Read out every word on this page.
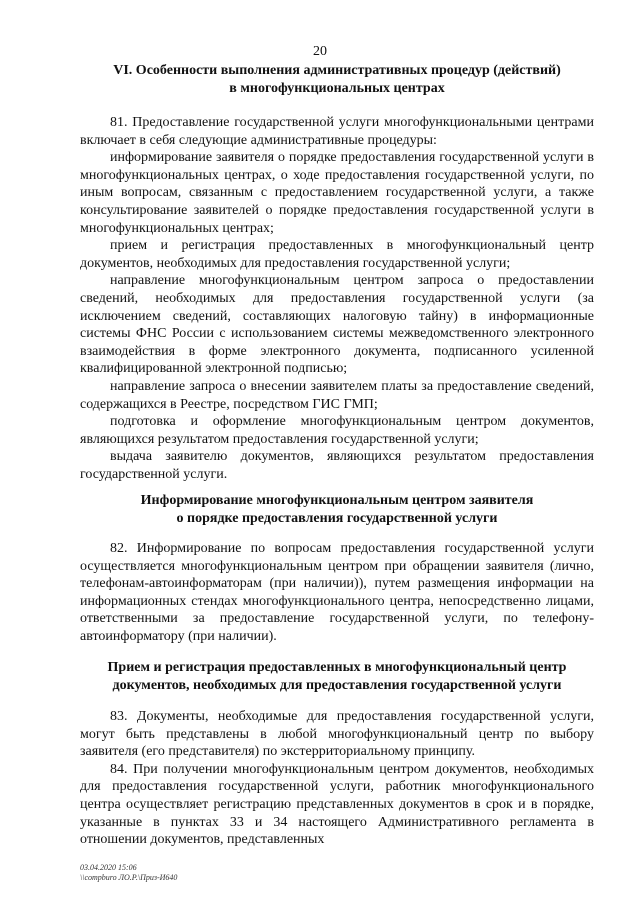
20

VI. Особенности выполнения административных процедур (действий)

в многофункциональных центрах

81. Предоставление государственной услуги многофункциональными центрами включает в себя следующие административные процедуры:

информирование заявителя о порядке предоставления государственной услуги в многофункциональных центрах, о ходе предоставления государственной услуги, по иным вопросам, связанным с предоставлением государственной услуги, а также консультирование заявителей о порядке предоставления государственной услуги в многофункциональных центрах;

прием и регистрация предоставленных в многофункциональный центр документов, необходимых для предоставления государственной услуги;

направление многофункциональным центром запроса о предоставлении сведений, необходимых для предоставления государственной услуги (за исключением сведений, составляющих налоговую тайну) в информационные системы ФНС России с использованием системы межведомственного электронного взаимодействия в форме электронного документа, подписанного усиленной квалифицированной электронной подписью;

направление запроса о внесении заявителем платы за предоставление сведений, содержащихся в Реестре, посредством ГИС ГМП;

подготовка и оформление многофункциональным центром документов, являющихся результатом предоставления государственной услуги;

выдача заявителю документов, являющихся результатом предоставления государственной услуги.

Информирование многофункциональным центром заявителя

о порядке предоставления государственной услуги

82. Информирование по вопросам предоставления государственной услуги осуществляется многофункциональным центром при обращении заявителя (лично, телефонам-автоинформаторам (при наличии)), путем размещения информации на информационных стендах многофункционального центра, непосредственно лицами, ответственными за предоставление государственной услуги, по телефону-автоинформатору (при наличии).

Прием и регистрация предоставленных в многофункциональный центр

документов, необходимых для предоставления государственной услуги

83. Документы, необходимые для предоставления государственной услуги, могут быть представлены в любой многофункциональный центр по выбору заявителя (его представителя) по экстерриториальному принципу.

84. При получении многофункциональным центром документов, необходимых для предоставления государственной услуги, работник многофункционального центра осуществляет регистрацию представленных документов в срок и в порядке, указанные в пунктах 33 и 34 настоящего Административного регламента в отношении документов, представленных

03.04.2020 15:06
\\compburo ЛО.Р.\Приз-И640
